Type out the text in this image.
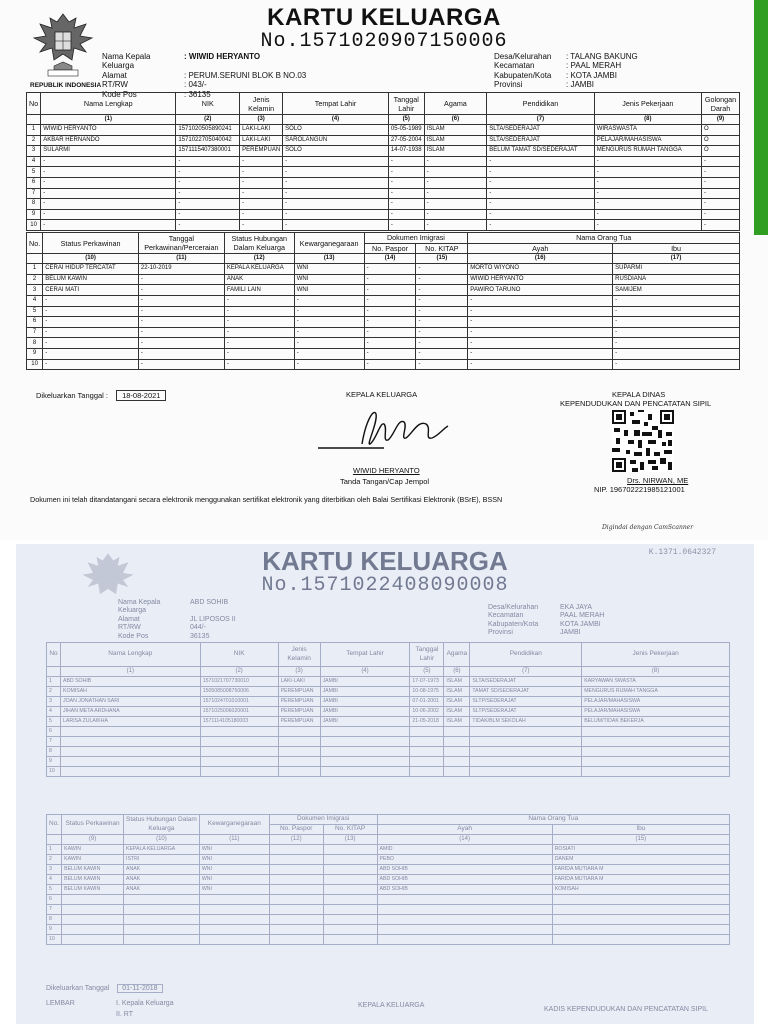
REPUBLIK INDONESIA
KARTU KELUARGA
No.1571020907150006
Nama Kepala Keluarga
: WIWID HERYANTO
Alamat	: PERUM.SERUNI BLOK B NO.03
RT/RW	: 043/-
Kode Pos	: 36135
Desa/Kelurahan	: TALANG BAKUNG
Kecamatan	: PAAL MERAH
Kabupaten/Kota	: KOTA JAMBI
Provinsi	: JAMBI
No	Nama Lengkap	NIK	Jenis Kelamin	Tempat Lahir	Tanggal Lahir	Agama	Pendidikan	Jenis Pekerjaan	Golongan Darah
	(1)	(2)	(3)	(4)	(5)	(6)	(7)	(8)	(9)
1	WIWID HERYANTO	1571020505890241	LAKI-LAKI	SOLO	05-05-1989	ISLAM	SLTA/SEDERAJAT	WIRASWASTA	O
2	AKBAR HERNANDO	1571022705040042	LAKI-LAKI	SAROLANGUN	27-05-2004	ISLAM	SLTA/SEDERAJAT	PELAJAR/MAHASISWA	O
3	SULARMI	1571115407380001	PEREMPUAN	SOLO	14-07-1938	ISLAM	BELUM TAMAT SD/SEDERAJAT	MENGURUS RUMAH TANGGA	O
4	-	-	-	-	-	-	-	-	-
5	-	-	-	-	-	-	-	-	-
6	-	-	-	-	-	-	-	-	-
7	-	-	-	-	-	-	-	-	-
8	-	-	-	-	-	-	-	-	-
9	-	-	-	-	-	-	-	-	-
10	-	-	-	-	-	-	-	-	-
No.	Status Perkawinan	Tanggal Perkawinan/Perceraian	Status Hubungan Dalam Keluarga	Kewarganegaraan	Dokumen Imigrasi		Nama Orang Tua	
					No. Paspor	No. KITAP	Ayah	Ibu
	(10)	(11)	(12)	(13)	(14)	(15)	(16)	(17)
1	CERAI HIDUP TERCATAT	22-10-2019	KEPALA KELUARGA	WNI	-	-	MORTO WIYONO	SUPARMI
2	BELUM KAWIN	-	ANAK	WNI	-	-	WIWID HERYANTO	RUSDIANA
3	CERAI MATI	-	FAMILI LAIN	WNI	-	-	PAWIRO TARUNO	SAMIJEM
4	-	-	-	-	-	-	-	-
5	-	-	-	-	-	-	-	-
6	-	-	-	-	-	-	-	-
7	-	-	-	-	-	-	-	-
8	-	-	-	-	-	-	-	-
9	-	-	-	-	-	-	-	-
10	-	-	-	-	-	-	-	-
Dikeluarkan Tanggal : 18-08-2021	KEPALA KELUARGA
WIWID HERYANTO
Tanda Tangan/Cap Jempol
KEPALA DINAS
KEPENDUDUKAN DAN PENCATATAN SIPIL
Drs. NIRWAN, ME
NIP. 196702221985121001
Dokumen ini telah ditandatangani secara elektronik menggunakan sertifikat elektronik yang diterbitkan oleh Balai Sertifikasi Elektronik (BSrE), BSSN
Digindai dengan CamScanner
K.1371.0642327
KARTU KELUARGA
No.1571022408090008
Nama Kepala Keluarga
ABD SOHIB
Alamat	JL LIPOSOS II
RT/RW	044/-
Kode Pos	36135
Desa/Kelurahan	EKA JAYA
Kecamatan	PAAL MERAH
Kabupaten/Kota	KOTA JAMBI
Provinsi	JAMBI
No	Nama Lengkap	NIK	Jenis Kelamin	Tempat Lahir	Tanggal Lahir	Agama	Pendidikan	Jenis Pekerjaan
	(1)	(2)	(3)	(4)	(5)	(6)	(7)	(8)
1	ABD SOHIB	1571021707730010	LAKI-LAKI	JAMBI	17-07-1973	ISLAM	SLTA/SEDERAJAT	KARYAWAN SWASTA
2	KOMISAH	1505085008750006	PEREMPUAN	JAMBI	10-08-1975	ISLAM	TAMAT SD/SEDERAJAT	MENGURUS RUMAH TANGGA
3	JOAN JONATHAN SARI	1571024701010001	PEREMPUAN	JAMBI	07-01-2001	ISLAM	SLTP/SEDERAJAT	PELAJAR/MAHASISWA
4	JIHAN META ARDHANA	1571025006020001	PEREMPUAN	JAMBI	10-06-2002	ISLAM	SLTP/SEDERAJAT	PELAJAR/MAHASISWA
5	LARISA ZULAIKHA	1571114105180003	PEREMPUAN	JAMBI	21-05-2018	ISLAM	TIDAK/BLM SEKOLAH	BELUM/TIDAK BEKERJA
6								
7								
8								
9								
10								
No.	Status Perkawinan	Status Hubungan Dalam Keluarga	Kewarganegaraan	Dokumen Imigrasi		Nama Orang Tua	
				No. Paspor	No. KITAP	Ayah	Ibu
	(9)	(10)	(11)	(12)	(13)	(14)	(15)
1	KAWIN	KEPALA KELUARGA	WNI			AMID	ROSIATI
2	KAWIN	ISTRI	WNI			PEBO	DANEM
3	BELUM KAWIN	ANAK	WNI			ABD SOHIB	FARIDA MUTIARA M
4	BELUM KAWIN	ANAK	WNI			ABD SOHIB	FARIDA MUTIARA M
5	BELUM KAWIN	ANAK	WNI			ABD SOHIB	KOMISAH
6							
7							
8							
9							
10							
Dikeluarkan Tanggal 01-11-2018
LEMBAR	I. Kepala Keluarga
II. RT
KEPALA KELUARGA
KADIS KEPENDUDUKAN DAN PENCATATAN SIPIL
